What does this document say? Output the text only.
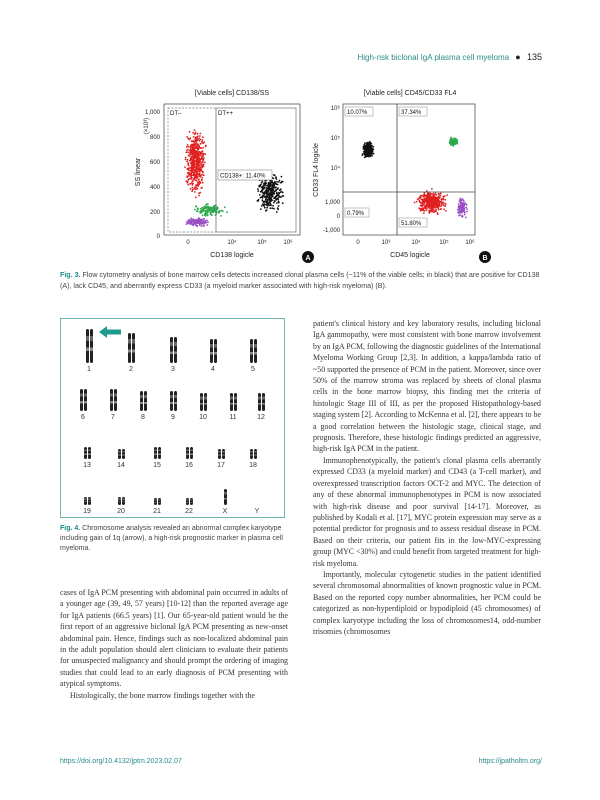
High-risk biclonal IgA plasma cell myeloma ● 135
[Viable cells] CD138/SS
SS linear
(×10³)
1,000
800
600
400
200
0
0	10⁴	10⁵	10⁶
CD138 logicle
DT--	DT++
CD138+: 11.40%
A
[Viable cells] CD45/CD33 FL4
CD33 FL4 logicle
10⁶
10⁵
10⁴
1,000
0
-1,000
0	10³	10⁴	10⁵	10⁶
CD45 logicle
10.07%	37.34%
0.79%
51.80%
B
Fig. 3. Flow cytometry analysis of bone marrow cells detects increased clonal plasma cells (~11% of the viable cells; in black) that are positive for CD138 (A), lack CD45, and aberrantly express CD33 (a myeloid marker associated with high-risk myeloma) (B).
1	2	3	4	5
6	7	8	9	10	11	12
13	14	15	16	17	18
19	20	21	22	X	Y
Fig. 4. Chromosome analysis revealed an abnormal complex karyotype including gain of 1q (arrow), a high-risk prognostic marker in plasma cell myeloma.

cases of IgA PCM presenting with abdominal pain occurred in adults of a younger age (39, 49, 57 years) [10-12] than the reported average age for IgA patients (66.5 years) [1]. Our 65-year-old patient would be the first report of an aggressive biclonal IgA PCM presenting as new-onset abdominal pain. Hence, findings such as non-localized abdominal pain in the adult population should alert clinicians to evaluate their patients for unsuspected malignancy and should prompt the ordering of imaging studies that could lead to an early diagnosis of PCM presenting with atypical symptoms.

Histologically, the bone marrow findings together with the

patient's clinical history and key laboratory results, including biclonal IgA gammopathy, were most consistent with bone marrow involvement by an IgA PCM, following the diagnostic guidelines of the International Myeloma Working Group [2,3]. In addition, a kappa/lambda ratio of ~50 supported the presence of PCM in the patient. Moreover, since over 50% of the marrow stroma was replaced by sheets of clonal plasma cells in the bone marrow biopsy, this finding met the criteria of histologic Stage III of III, as per the proposed Histopathology-based staging system [2]. According to McKenna et al. [2], there appears to be a good correlation between the histologic stage, clinical stage, and prognosis. Therefore, these histologic findings predicted an aggressive, high-risk IgA PCM in the patient.

Immunophenotypically, the patient's clonal plasma cells aberrantly expressed CD33 (a myeloid marker) and CD43 (a T-cell marker), and overexpressed transcription factors OCT-2 and MYC. The detection of any of these abnormal immunophenotypes in PCM is now associated with high-risk disease and poor survival [14-17]. Moreover, as published by Kodali et al. [17], MYC protein expression may serve as a potential predictor for prognosis and to assess residual disease in PCM. Based on their criteria, our patient fits in the low-MYC-expressing group (MYC <30%) and could benefit from targeted treatment for high-risk myeloma.

Importantly, molecular cytogenetic studies in the patient identified several chromosomal abnormalities of known prognostic value in PCM. Based on the reported copy number abnormalities, her PCM could be categorized as non-hyperdiploid or hypodiploid (45 chromosomes) of complex karyotype including the loss of chromosomes14, odd-number trisomies (chromosomes

https://doi.org/10.4132/jptm.2023.02.07	https://jpatholtm.org/
